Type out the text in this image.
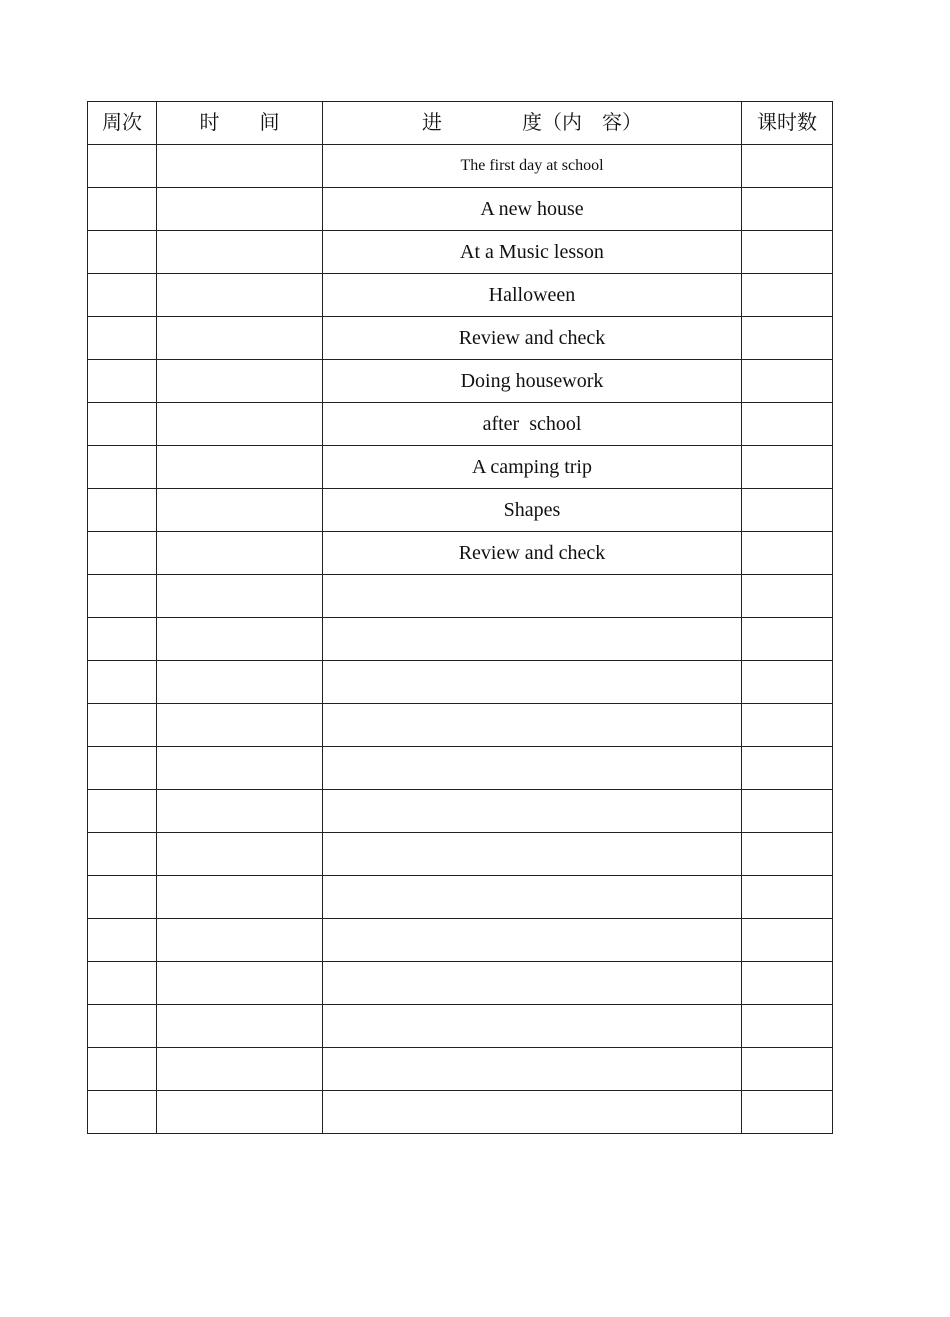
周次	时　　间	进　　　　度（内　容）	课时数
		The first day at school	
		A new house	
		At a Music lesson	
		Halloween	
		Review and check	
		Doing housework	
		after  school	
		A camping trip	
		Shapes	
		Review and check	
